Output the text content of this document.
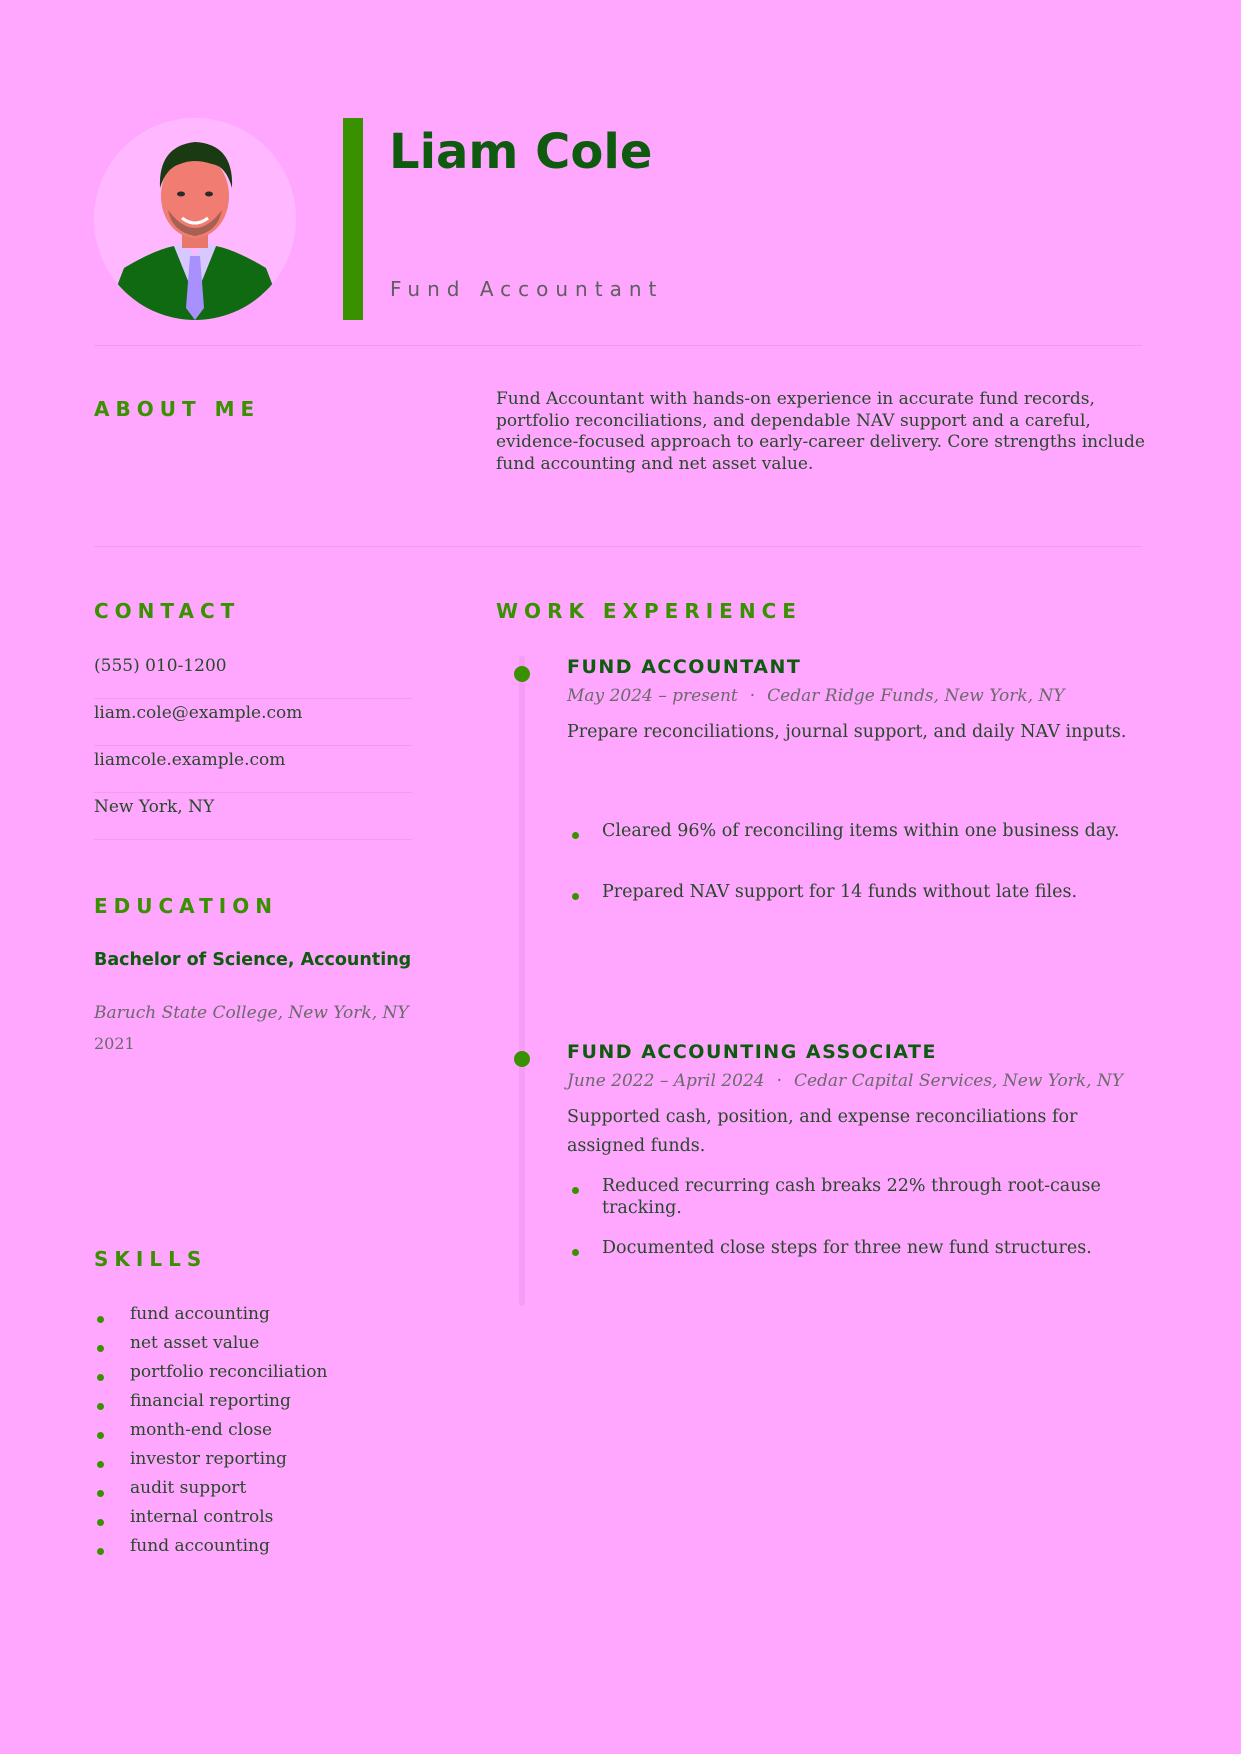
Liam Cole
Fund Accountant
ABOUT ME	Fund Accountant with hands-on experience in accurate fund records, portfolio reconciliations, and dependable NAV support and a careful, evidence-focused approach to early-career delivery. Core strengths include fund accounting and net asset value.

CONTACT
(555) 010-1200
liam.cole@example.com
liamcole.example.com
New York, NY
EDUCATION
Bachelor of Science, Accounting
Baruch State College, New York, NY
2021
SKILLS
fund accounting
net asset value
portfolio reconciliation
financial reporting
month-end close
investor reporting
audit support
internal controls
fund accounting
WORK EXPERIENCE
FUND ACCOUNTANT
May 2024 – present · Cedar Ridge Funds, New York, NY

Prepare reconciliations, journal support, and daily NAV inputs.

Cleared 96% of reconciling items within one business day.
Prepared NAV support for 14 funds without late files.
FUND ACCOUNTING ASSOCIATE
June 2022 – April 2024 · Cedar Capital Services, New York, NY

Supported cash, position, and expense reconciliations for assigned funds.

Reduced recurring cash breaks 22% through root-cause tracking.
Documented close steps for three new fund structures.
